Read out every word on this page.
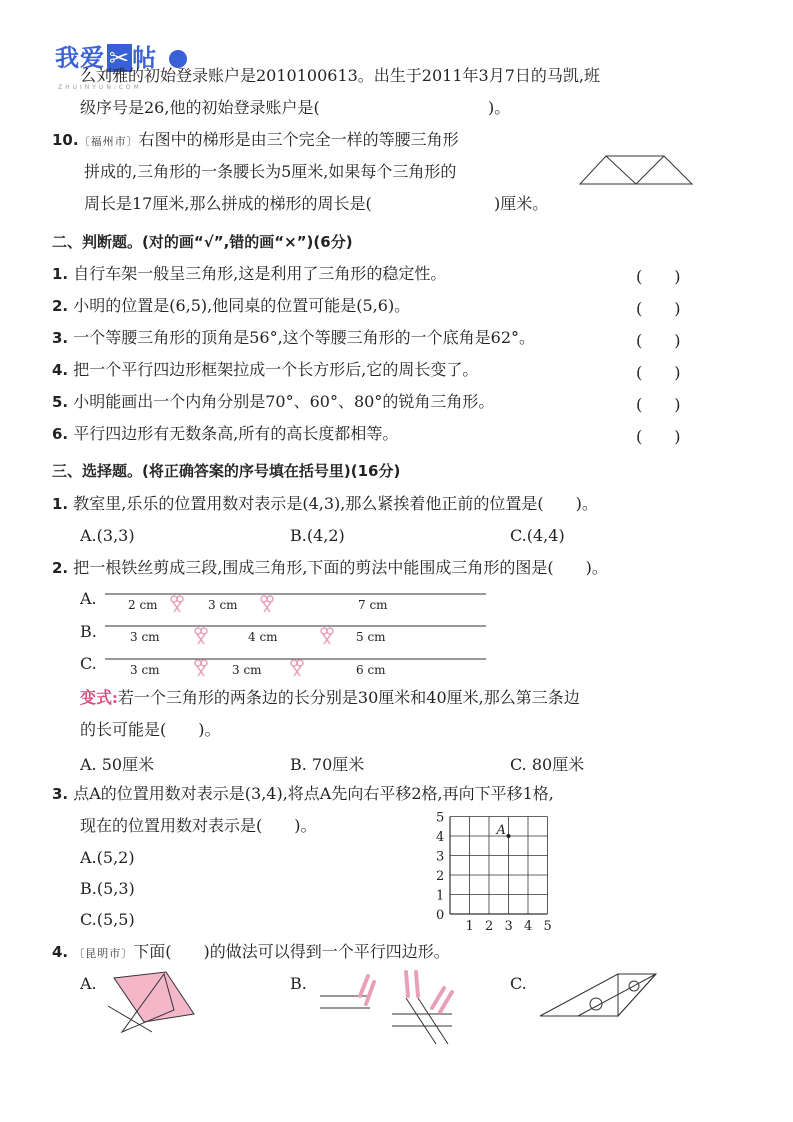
我爱 ✂帖
ZHUINYUN.COM
么刘雅的初始登录账户是2010100613。出生于2011年3月7日的马凯,班
级序号是26,他的初始登录账户是(	)。
10.〔福州市〕右图中的梯形是由三个完全一样的等腰三角形
拼成的,三角形的一条腰长为5厘米,如果每个三角形的
周长是17厘米,那么拼成的梯形的周长是(	)厘米。
二、判断题。(对的画“√”,错的画“×”)(6分)
1. 自行车架一般呈三角形,这是利用了三角形的稳定性。	(　　)
2. 小明的位置是(6,5),他同桌的位置可能是(5,6)。	(　　)
3. 一个等腰三角形的顶角是56°,这个等腰三角形的一个底角是62°。	(　　)
4. 把一个平行四边形框架拉成一个长方形后,它的周长变了。	(　　)
5. 小明能画出一个内角分别是70°、60°、80°的锐角三角形。	(　　)
6. 平行四边形有无数条高,所有的高长度都相等。	(　　)
三、选择题。(将正确答案的序号填在括号里)(16分)
1. 教室里,乐乐的位置用数对表示是(4,3),那么紧挨着他正前的位置是(　　)。
A.(3,3)	B.(4,2)	C.(4,4)
2. 把一根铁丝剪成三段,围成三角形,下面的剪法中能围成三角形的图是(　　)。
A.
B.
C.
2 cm	3 cm	7 cm
3 cm	4 cm	5 cm
3 cm	3 cm	6 cm
变式:若一个三角形的两条边的长分别是30厘米和40厘米,那么第三条边
的长可能是(　　)。
A. 50厘米	B. 70厘米	C. 80厘米
3. 点A的位置用数对表示是(3,4),将点A先向右平移2格,再向下平移1格,
现在的位置用数对表示是(　　)。
A.(5,2)
B.(5,3)
C.(5,5)	0
1 2 3 4 5
1
2
3
4
5
A
4. 〔昆明市〕下面(　　)的做法可以得到一个平行四边形。
A.	B.	C.
